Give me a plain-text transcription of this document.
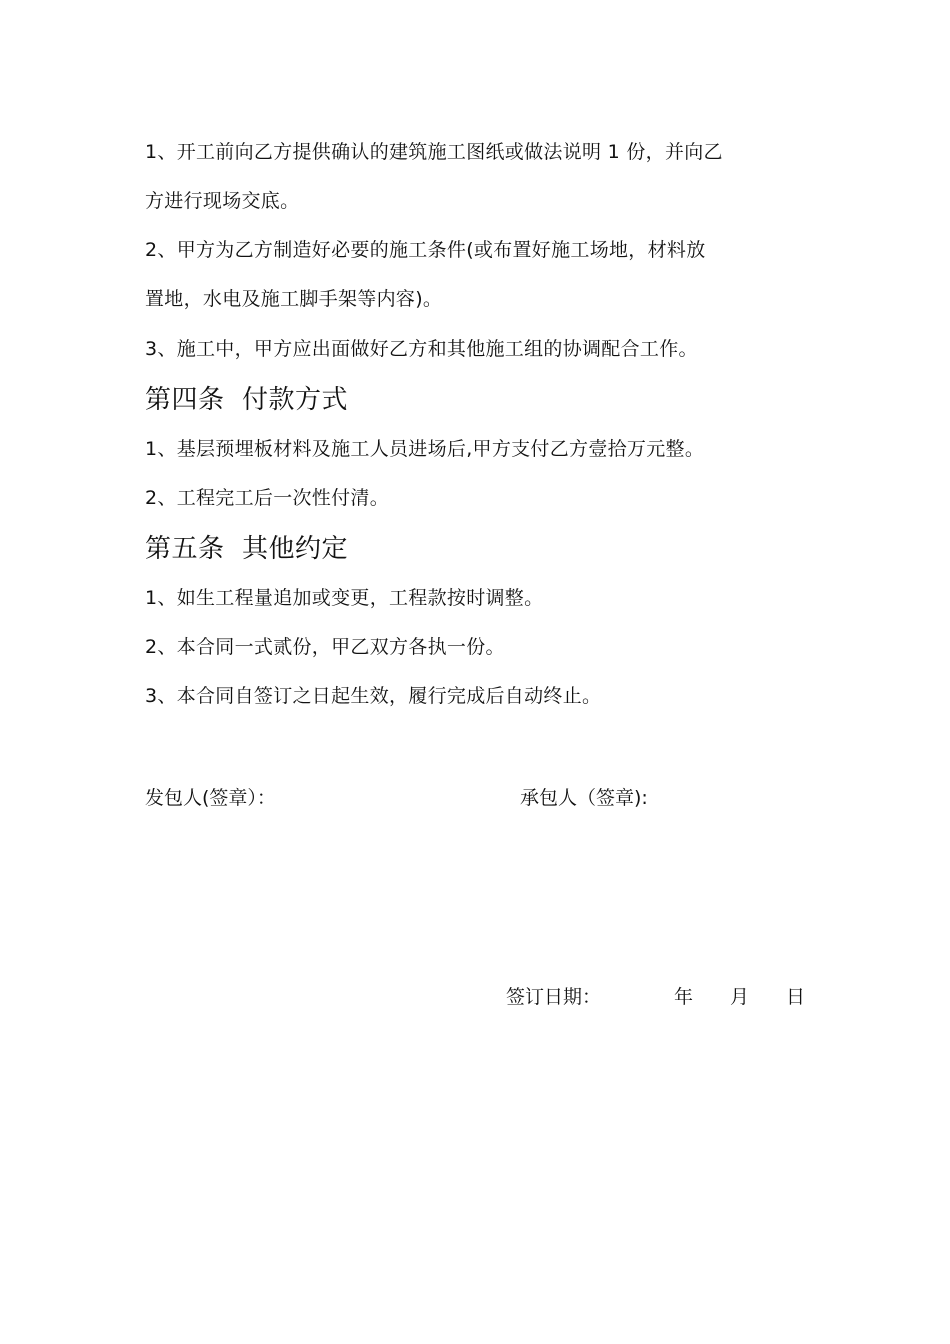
1、开工前向乙方提供确认的建筑施工图纸或做法说明 1 份，并向乙
方进行现场交底。
2、甲方为乙方制造好必要的施工条件(或布置好施工场地，材料放
置地，水电及施工脚手架等内容)。
3、施工中，甲方应出面做好乙方和其他施工组的协调配合工作。
第四条  付款方式
1、基层预埋板材料及施工人员进场后,甲方支付乙方壹拾万元整。
2、工程完工后一次性付清。
第五条  其他约定
1、如生工程量追加或变更，工程款按时调整。
2、本合同一式贰份，甲乙双方各执一份。
3、本合同自签订之日起生效，履行完成后自动终止。
发包人(签章）：	承包人（签章):
签订日期：	年 月 日
